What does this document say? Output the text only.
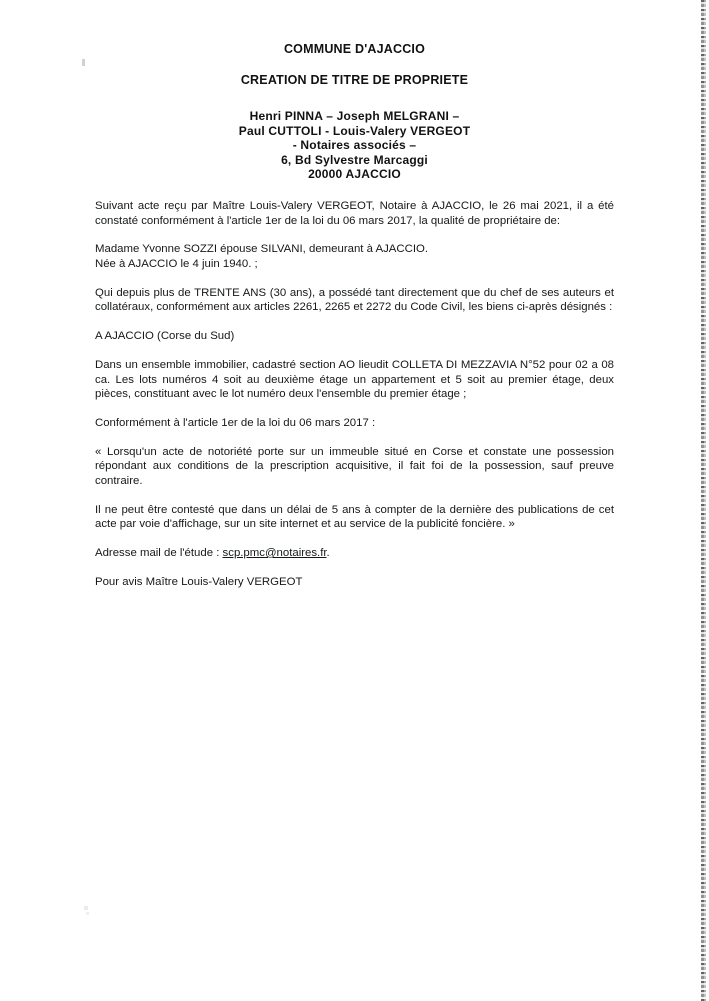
COMMUNE D'AJACCIO
CREATION DE TITRE DE PROPRIETE
Henri PINNA – Joseph MELGRANI –
Paul CUTTOLI - Louis-Valery VERGEOT
- Notaires associés –
6, Bd Sylvestre Marcaggi
20000 AJACCIO

Suivant acte reçu par Maître Louis-Valery VERGEOT, Notaire à AJACCIO, le 26 mai 2021, il a été constaté conformément à l'article 1er de la loi du 06 mars 2017, la qualité de propriétaire de:

Madame Yvonne SOZZI épouse SILVANI, demeurant à AJACCIO.
Née à AJACCIO le 4 juin 1940. ;

Qui depuis plus de TRENTE ANS (30 ans), a possédé tant directement que du chef de ses auteurs et collatéraux, conformément aux articles 2261, 2265 et 2272 du Code Civil, les biens ci-après désignés :

A AJACCIO (Corse du Sud)

Dans un ensemble immobilier, cadastré section AO lieudit COLLETA DI MEZZAVIA N°52 pour 02 a 08 ca. Les lots numéros 4 soit au deuxième étage un appartement et 5 soit au premier étage, deux pièces, constituant avec le lot numéro deux l'ensemble du premier étage ;

Conformément à l'article 1er de la loi du 06 mars 2017 :

« Lorsqu'un acte de notoriété porte sur un immeuble situé en Corse et constate une possession répondant aux conditions de la prescription acquisitive, il fait foi de la possession, sauf preuve contraire.

Il ne peut être contesté que dans un délai de 5 ans à compter de la dernière des publications de cet acte par voie d'affichage, sur un site internet et au service de la publicité foncière. »

Adresse mail de l'étude : scp.pmc@notaires.fr.

Pour avis Maître Louis-Valery VERGEOT
